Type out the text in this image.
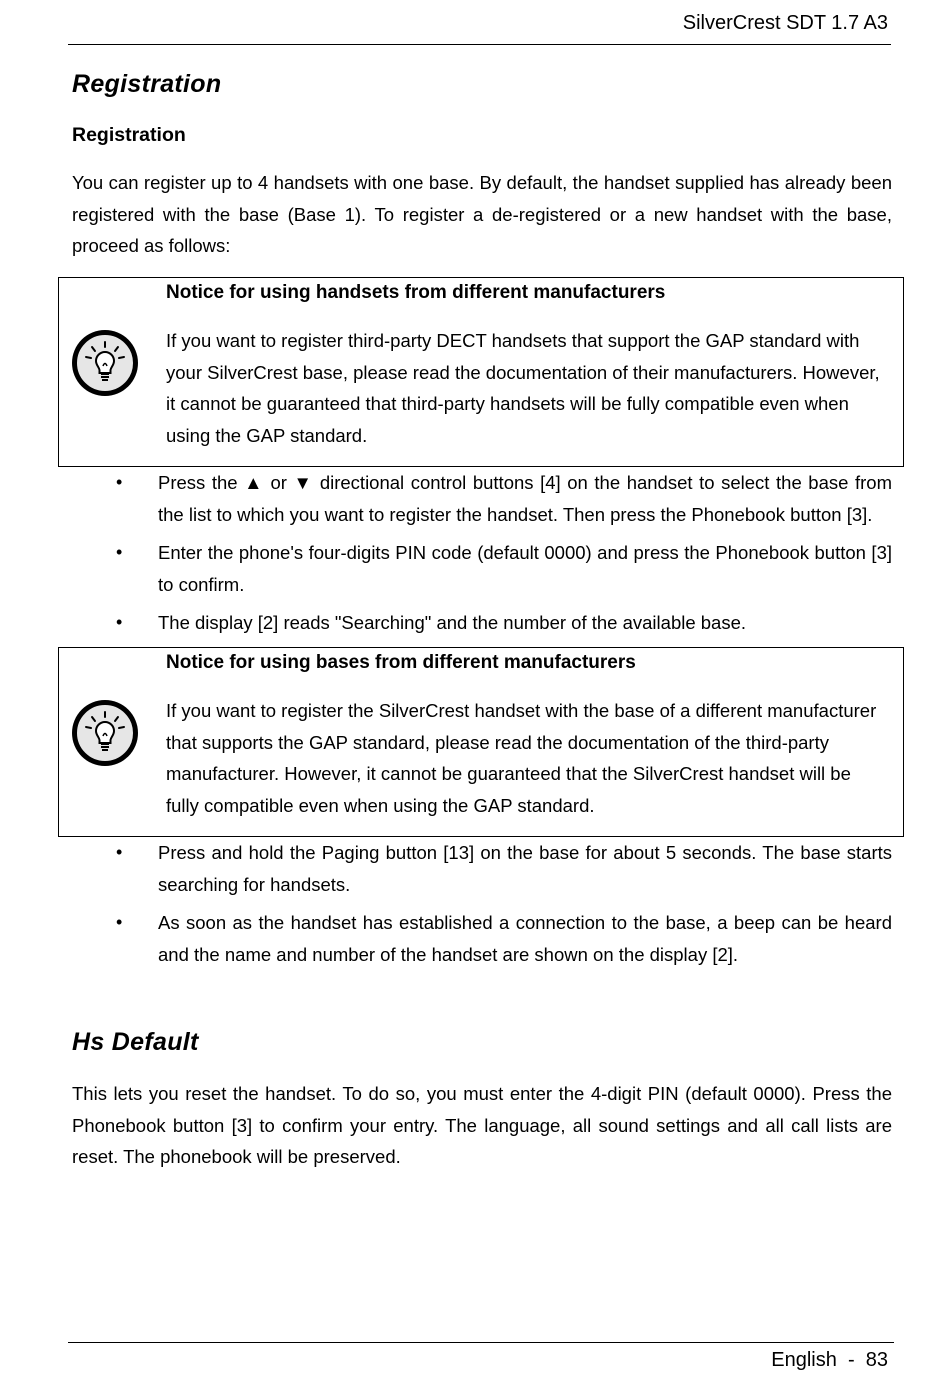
SilverCrest SDT 1.7 A3
Registration
Registration

You can register up to 4 handsets with one base. By default, the handset supplied has already been registered with the base (Base 1). To register a de-registered or a new handset with the base, proceed as follows:

Notice for using handsets from different manufacturers

If you want to register third-party DECT handsets that support the GAP standard with your SilverCrest base, please read the documentation of their manufacturers. However, it cannot be guaranteed that third-party handsets will be fully compatible even when using the GAP standard.

• Press the ▲ or ▼ directional control buttons [4] on the handset to select the base from the list to which you want to register the handset. Then press the Phonebook button [3].
• Enter the phone's four-digits PIN code (default 0000) and press the Phonebook button [3] to confirm.
• The display [2] reads "Searching" and the number of the available base.
Notice for using bases from different manufacturers

If you want to register the SilverCrest handset with the base of a different manufacturer that supports the GAP standard, please read the documentation of the third-party manufacturer. However, it cannot be guaranteed that the SilverCrest handset will be fully compatible even when using the GAP standard.

• Press and hold the Paging button [13] on the base for about 5 seconds. The base starts searching for handsets.
• As soon as the handset has established a connection to the base, a beep can be heard and the name and number of the handset are shown on the display [2].
Hs Default

This lets you reset the handset. To do so, you must enter the 4-digit PIN (default 0000). Press the Phonebook button [3] to confirm your entry. The language, all sound settings and all call lists are reset. The phonebook will be preserved.

English  -  83
